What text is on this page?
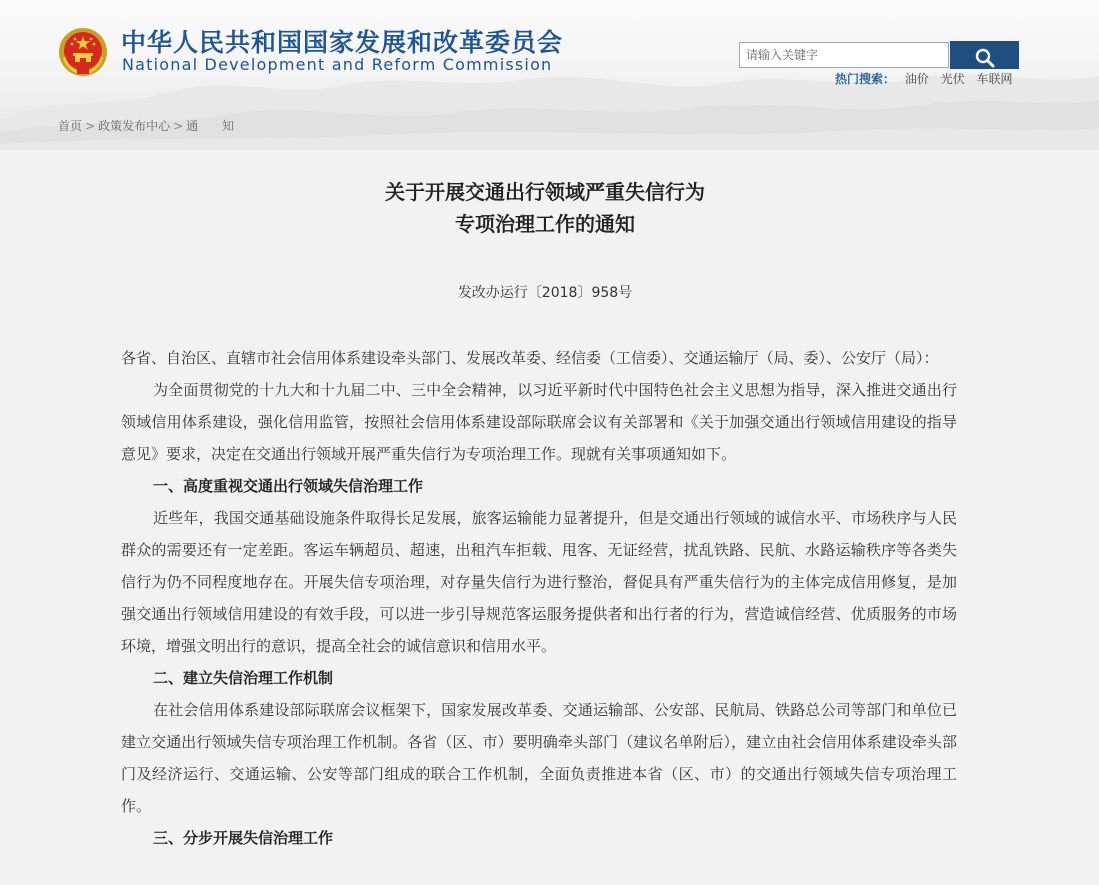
中华人民共和国国家发展和改革委员会
National Development and Reform Commission
请输入关键字
热门搜索： 油价 光伏 车联网
首页 > 政策发布中心 > 通　　知
关于开展交通出行领域严重失信行为
专项治理工作的通知
发改办运行〔2018〕958号

各省、自治区、直辖市社会信用体系建设牵头部门、发展改革委、经信委（工信委）、交通运输厅（局、委）、公安厅（局）：

为全面贯彻党的十九大和十九届二中、三中全会精神，以习近平新时代中国特色社会主义思想为指导，深入推进交通出行领域信用体系建设，强化信用监管，按照社会信用体系建设部际联席会议有关部署和《关于加强交通出行领域信用建设的指导意见》要求，决定在交通出行领域开展严重失信行为专项治理工作。现就有关事项通知如下。

一、高度重视交通出行领域失信治理工作

近些年，我国交通基础设施条件取得长足发展，旅客运输能力显著提升，但是交通出行领域的诚信水平、市场秩序与人民群众的需要还有一定差距。客运车辆超员、超速，出租汽车拒载、甩客、无证经营，扰乱铁路、民航、水路运输秩序等各类失信行为仍不同程度地存在。开展失信专项治理，对存量失信行为进行整治，督促具有严重失信行为的主体完成信用修复，是加强交通出行领域信用建设的有效手段，可以进一步引导规范客运服务提供者和出行者的行为，营造诚信经营、优质服务的市场环境，增强文明出行的意识，提高全社会的诚信意识和信用水平。

二、建立失信治理工作机制

在社会信用体系建设部际联席会议框架下，国家发展改革委、交通运输部、公安部、民航局、铁路总公司等部门和单位已建立交通出行领域失信专项治理工作机制。各省（区、市）要明确牵头部门（建议名单附后），建立由社会信用体系建设牵头部门及经济运行、交通运输、公安等部门组成的联合工作机制，全面负责推进本省（区、市）的交通出行领域失信专项治理工作。

三、分步开展失信治理工作
